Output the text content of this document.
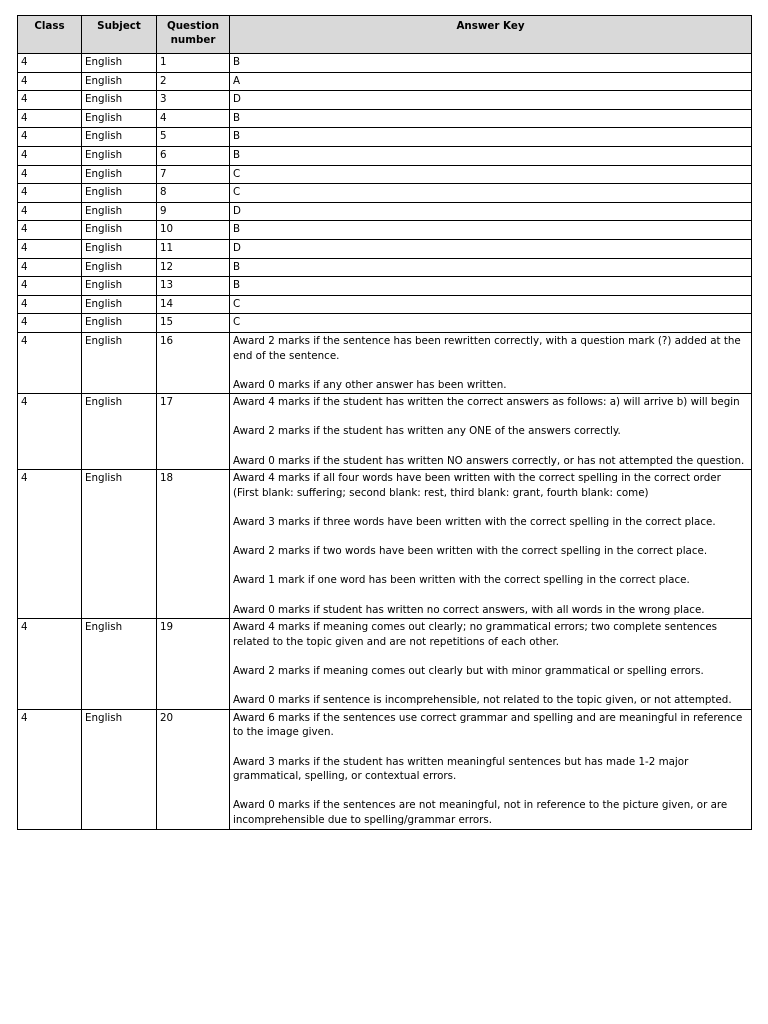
Class	Subject	Question number	Answer Key
4	English	1	B

4	English	2	A

4	English	3	D

4	English	4	B

4	English	5	B

4	English	6	B

4	English	7	C

4	English	8	C

4	English	9	D

4	English	10	B

4	English	11	D

4	English	12	B

4	English	13	B

4	English	14	C

4	English	15	C

4	English	16	Award 2 marks if the sentence has been rewritten correctly, with a question mark (?) added at the end of the sentence.
Award 0 marks if any other answer has been written.

4	English	17	Award 4 marks if the student has written the correct answers as follows: a) will arrive b) will begin
Award 2 marks if the student has written any ONE of the answers correctly.
Award 0 marks if the student has written NO answers correctly, or has not attempted the question.

4	English	18	Award 4 marks if all four words have been written with the correct spelling in the correct order (First blank: suffering; second blank: rest, third blank: grant, fourth blank: come)
Award 3 marks if three words have been written with the correct spelling in the correct place.
Award 2 marks if two words have been written with the correct spelling in the correct place.
Award 1 mark if one word has been written with the correct spelling in the correct place.
Award 0 marks if student has written no correct answers, with all words in the wrong place.

4	English	19	Award 4 marks if meaning comes out clearly; no grammatical errors; two complete sentences related to the topic given and are not repetitions of each other.
Award 2 marks if meaning comes out clearly but with minor grammatical or spelling errors.
Award 0 marks if sentence is incomprehensible, not related to the topic given, or not attempted.

4	English	20	Award 6 marks if the sentences use correct grammar and spelling and are meaningful in reference to the image given.
Award 3 marks if the student has written meaningful sentences but has made 1-2 major grammatical, spelling, or contextual errors.
Award 0 marks if the sentences are not meaningful, not in reference to the picture given, or are incomprehensible due to spelling/grammar errors.
